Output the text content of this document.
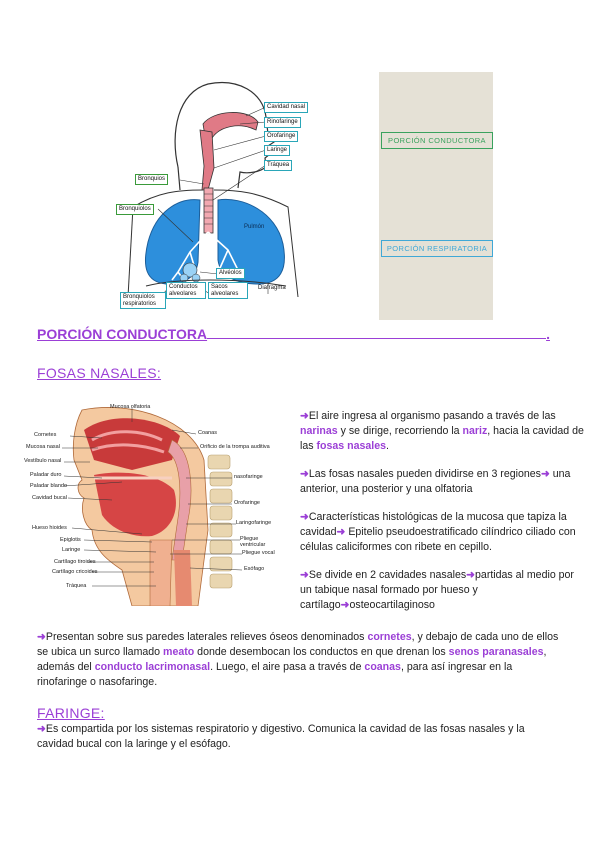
Cavidad nasal
Rinofaringe
Orofaringe
Laringe
Tráquea
Bronquios
Bronquiolos
Pulmón
Alvéolos
Conductos alveolares
Sacos alveolares
Bronquiolos respiratorios
Diafragma
PORCIÓN CONDUCTORA
PORCIÓN RESPIRATORIA
PORCIÓN CONDUCTORA	.
FOSAS NASALES:
Mucosa olfatoria
Cornetes
Mucosa nasal
Vestíbulo nasal
Paladar duro
Paladar blando
Cavidad bucal
Hueso hioides
Epiglotis
Laringe
Cartílago tiroides
Cartílago cricoides
Tráquea
Coanas
Orificio de la trompa auditiva
nasofaringe
Orofaringe
Laringofaringe
Pliegue ventricular
Pliegue vocal
Esófago

➜El aire ingresa al organismo pasando a través de las narinas y se dirige, recorriendo la nariz, hacia la cavidad de las fosas nasales.

➜Las fosas nasales pueden dividirse en 3 regiones➜ una anterior, una posterior y una olfatoria

➜Características histológicas de la mucosa que tapiza la cavidad➜ Epitelio pseudoestratificado cilíndrico ciliado con células caliciformes con ribete en cepillo.

➜Se divide en 2 cavidades nasales➜partidas al medio por un tabique nasal formado por hueso y cartílago➜osteocartilaginoso

➜Presentan sobre sus paredes laterales relieves óseos denominados cornetes, y debajo de cada uno de ellos se ubica un surco llamado meato donde desembocan los conductos en que drenan los senos paranasales, además del conducto lacrimonasal. Luego, el aire pasa a través de coanas, para así ingresar en la rinofaringe o nasofaringe.
FARINGE:
➜Es compartida por los sistemas respiratorio y digestivo. Comunica la cavidad de las fosas nasales y la cavidad bucal con la laringe y el esófago.
